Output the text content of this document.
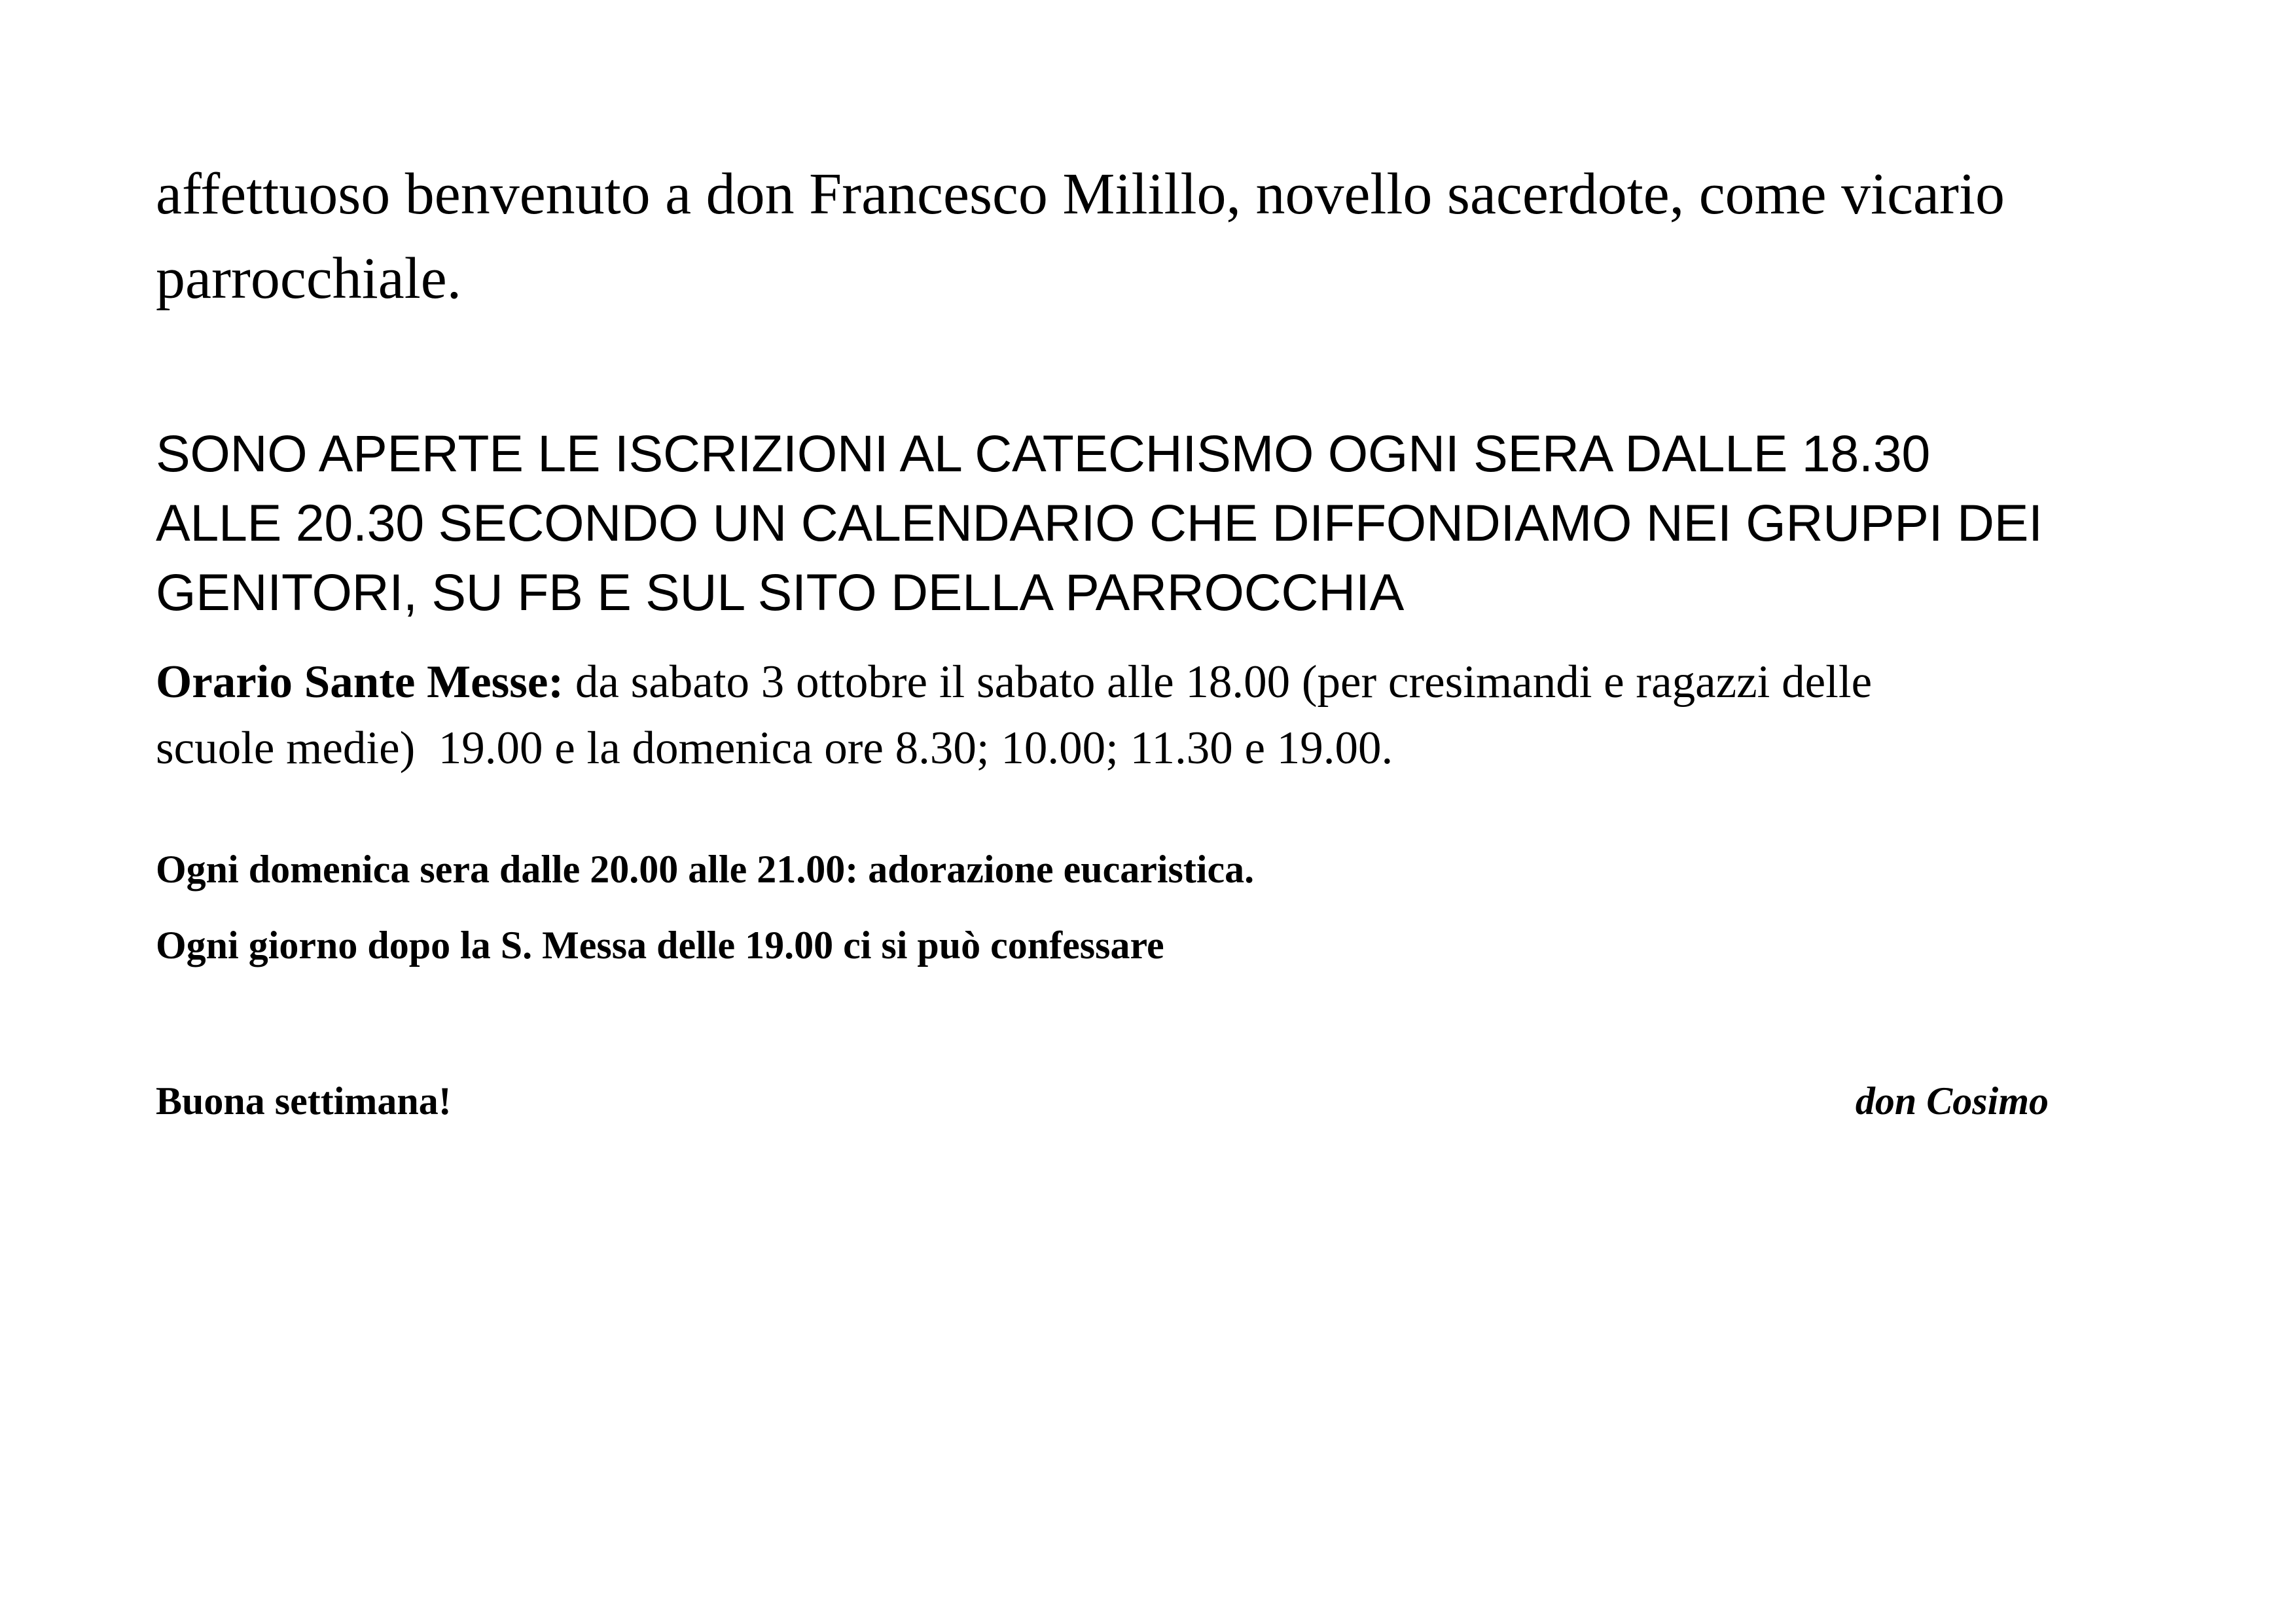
affettuoso benvenuto a don Francesco Milillo, novello sacerdote, come vicario
parrocchiale.

SONO APERTE LE ISCRIZIONI AL CATECHISMO OGNI SERA DALLE 18.30
ALLE 20.30 SECONDO UN CALENDARIO CHE DIFFONDIAMO NEI GRUPPI DEI
GENITORI, SU FB E SUL SITO DELLA PARROCCHIA

Orario Sante Messe: da sabato 3 ottobre il sabato alle 18.00 (per cresimandi e ragazzi delle
scuole medie)  19.00 e la domenica ore 8.30; 10.00; 11.30 e 19.00.

Ogni domenica sera dalle 20.00 alle 21.00: adorazione eucaristica.

Ogni giorno dopo la S. Messa delle 19.00 ci si può confessare

Buona settimana!	don Cosimo
